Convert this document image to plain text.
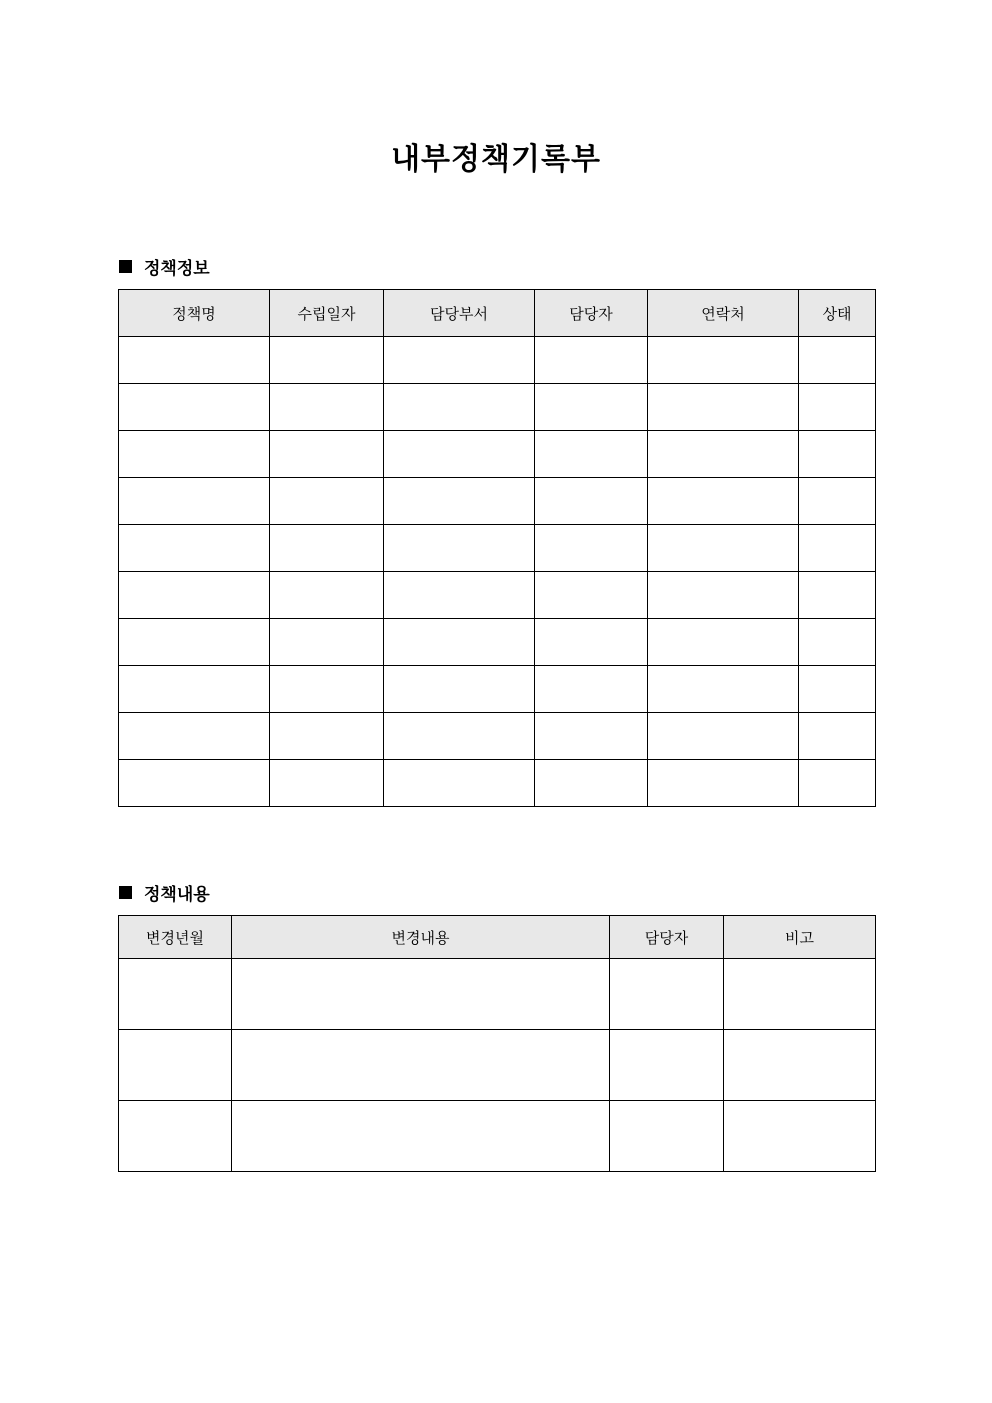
내부정책기록부
정책정보
정책명	수립일자	담당부서	담당자	연락처	상태

정책내용
변경년월	변경내용	담당자	비고
